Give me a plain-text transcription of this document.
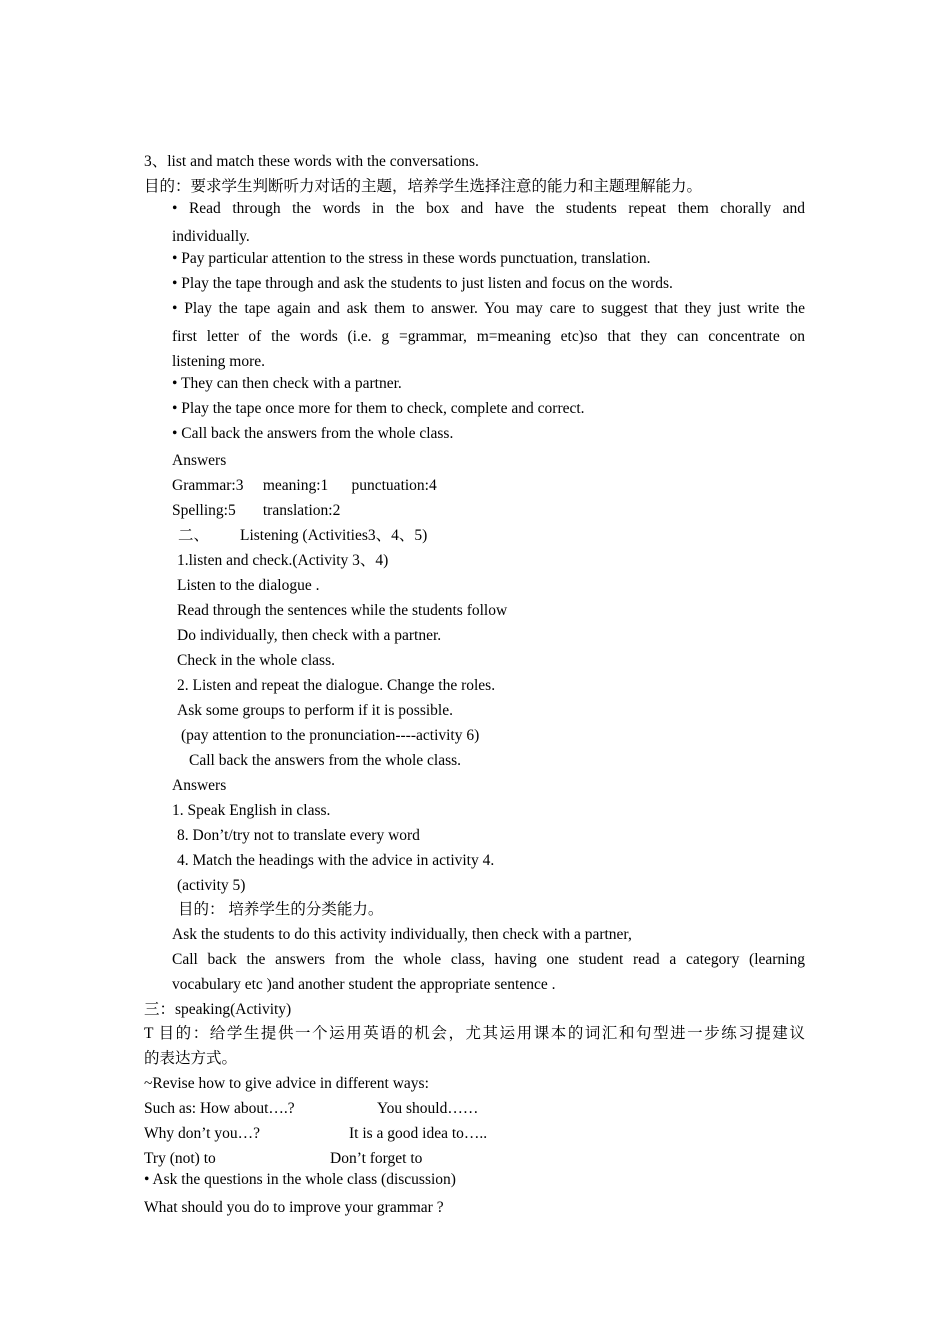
3、list and match these words with the conversations.
目的：要求学生判断听力对话的主题，培养学生选择注意的能力和主题理解能力。
• Read through the words in the box and have the students repeat them chorally and
individually.
• Pay particular attention to the stress in these words punctuation, translation.
• Play the tape through and ask the students to just listen and focus on the words.
• Play the tape again and ask them to answer. You may care to suggest that they just write the
first letter of the words (i.e. g =grammar, m=meaning etc)so that they can concentrate on
listening more.
• They can then check with a partner.
• Play the tape once more for them to check, complete and correct.
• Call back the answers from the whole class.
Answers
Grammar:3     meaning:1      punctuation:4
Spelling:5       translation:2
二、        Listening (Activities3、4、5)
1.listen and check.(Activity 3、4)
Listen to the dialogue .
Read through the sentences while the students follow
Do individually, then check with a partner.
Check in the whole class.
2. Listen and repeat the dialogue. Change the roles.
Ask some groups to perform if it is possible.
(pay attention to the pronunciation----activity 6)
Call back the answers from the whole class.
Answers
1. Speak English in class.
8. Don’t/try not to translate every word
4. Match the headings with the advice in activity 4.
(activity 5)
目的： 培养学生的分类能力。
Ask the students to do this activity individually, then check with a partner,
Call back the answers from the whole class, having one student read a category (learning
vocabulary etc )and another student the appropriate sentence .
三：speaking(Activity)
T 目的：给学生提供一个运用英语的机会，尤其运用课本的词汇和句型进一步练习提建议
的表达方式。
~Revise how to give advice in different ways:
Such as: How about….?	You should……
Why don’t you…?	It is a good idea to…..
Try (not) to	Don’t forget to
• Ask the questions in the whole class (discussion)
What should you do to improve your grammar ?
